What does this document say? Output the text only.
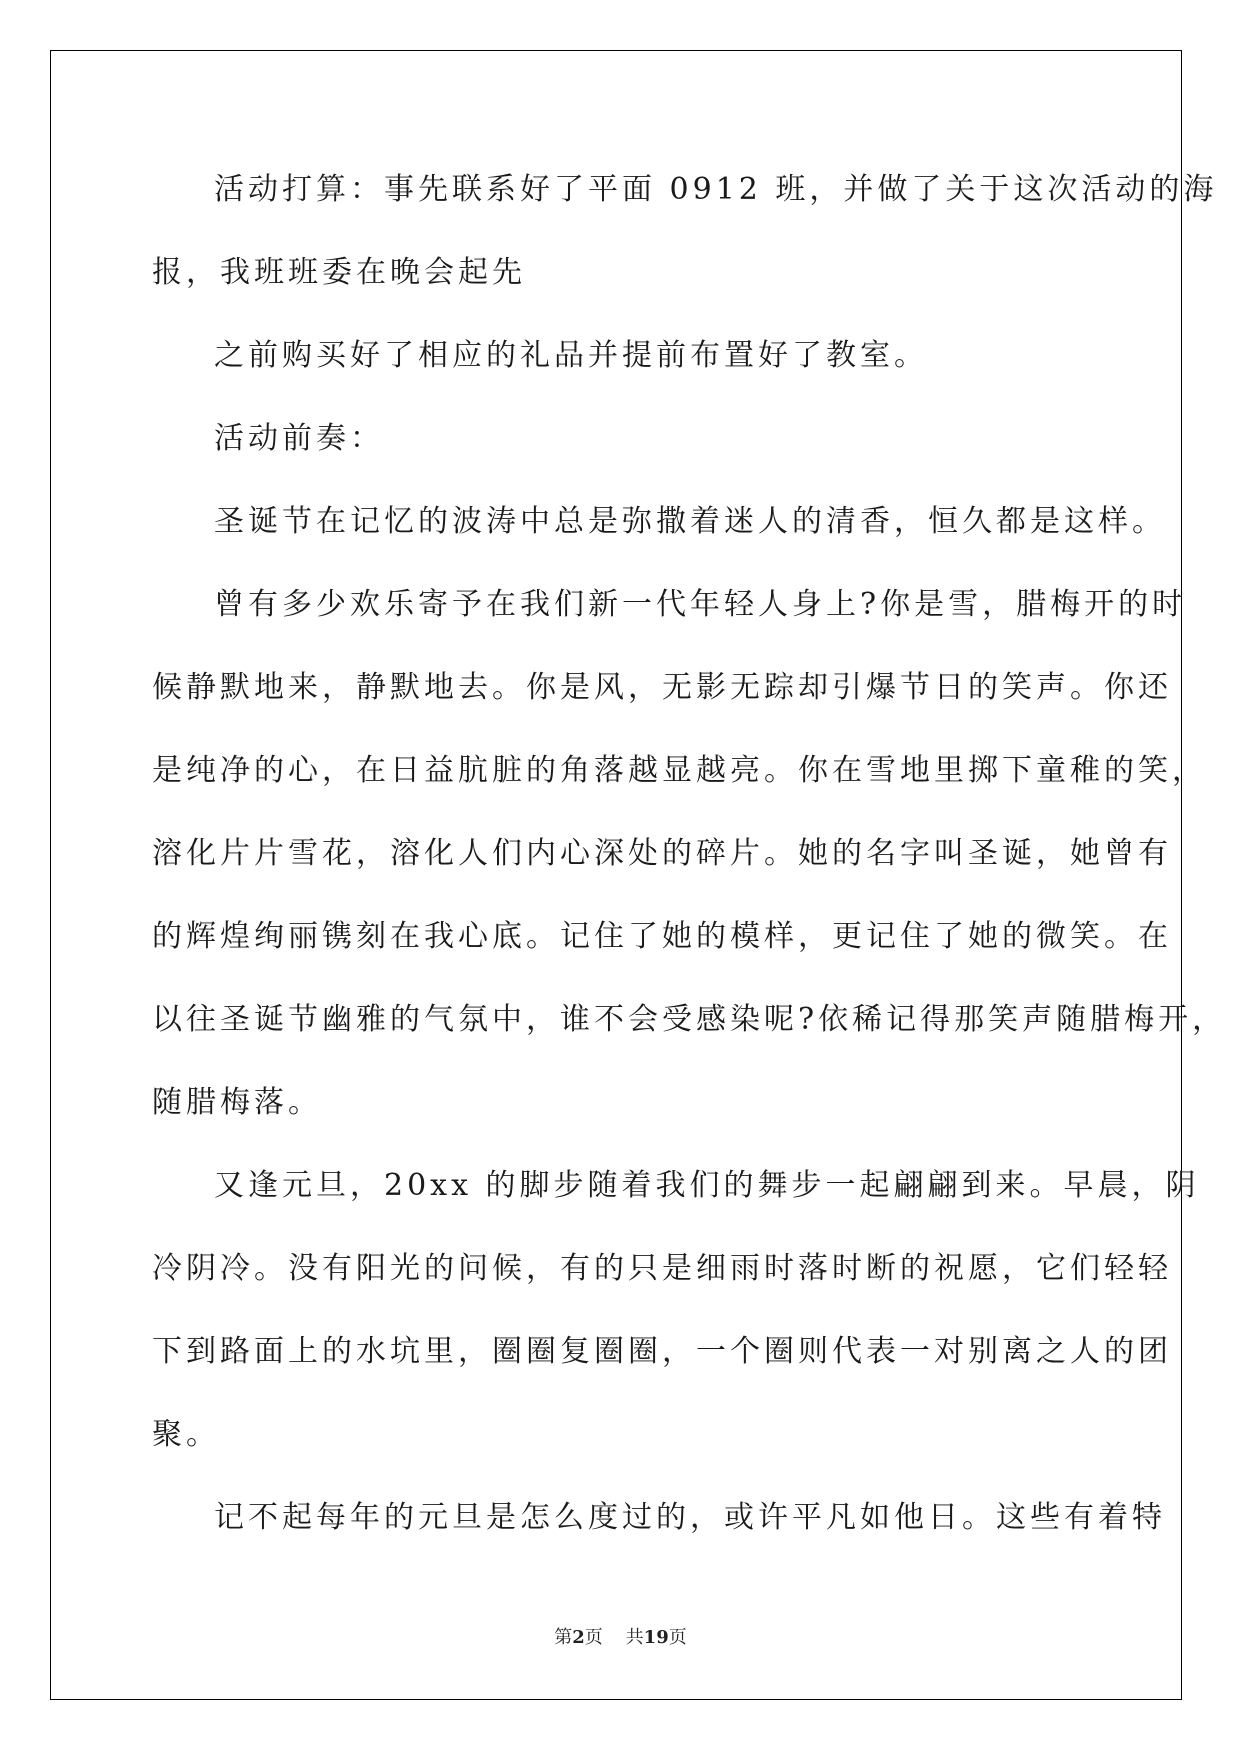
活动打算：事先联系好了平面 0912 班，并做了关于这次活动的海
报，我班班委在晚会起先
之前购买好了相应的礼品并提前布置好了教室。
活动前奏：
圣诞节在记忆的波涛中总是弥撒着迷人的清香，恒久都是这样。
曾有多少欢乐寄予在我们新一代年轻人身上?你是雪，腊梅开的时
候静默地来，静默地去。你是风，无影无踪却引爆节日的笑声。你还
是纯净的心，在日益肮脏的角落越显越亮。你在雪地里掷下童稚的笑，
溶化片片雪花，溶化人们内心深处的碎片。她的名字叫圣诞，她曾有
的辉煌绚丽镌刻在我心底。记住了她的模样，更记住了她的微笑。在
以往圣诞节幽雅的气氛中，谁不会受感染呢?依稀记得那笑声随腊梅开，
随腊梅落。
又逢元旦，20xx 的脚步随着我们的舞步一起翩翩到来。早晨，阴
冷阴冷。没有阳光的问候，有的只是细雨时落时断的祝愿，它们轻轻
下到路面上的水坑里，圈圈复圈圈，一个圈则代表一对别离之人的团
聚。
记不起每年的元旦是怎么度过的，或许平凡如他日。这些有着特
第2页 共19页
